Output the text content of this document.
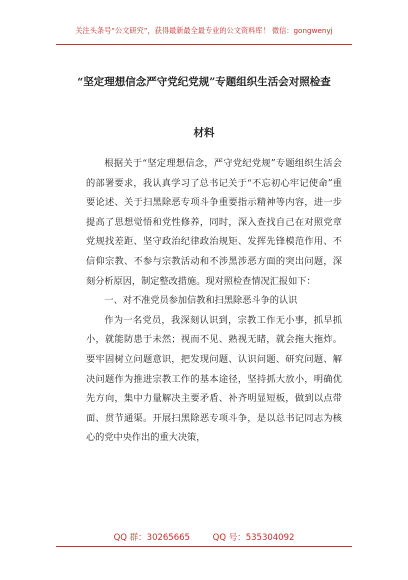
关注头条号“公文研究”，获得最新最全最专业的公文资料库！ 微信：gongwenyj
“坚定理想信念严守党纪党规”专题组织生活会对照检查
材料

根据关于“坚定理想信念，严守党纪党规”专题组织生活会的部署要求，我认真学习了总书记关于“不忘初心牢记使命”重要论述、关于扫黑除恶专项斗争重要指示精神等内容，进一步提高了思想觉悟和党性修养，同时，深入查找自己在对照党章党规找差距、坚守政治纪律政治规矩、发挥先锋模范作用、不信仰宗教、不参与宗教活动和不涉黑涉恶方面的突出问题，深刻分析原因，制定整改措施。现对照检查情况汇报如下：

一、对不准党员参加信教和扫黑除恶斗争的认识

作为一名党员，我深刻认识到，宗教工作无小事，抓早抓小，就能防患于未然；视而不见、熟视无睹，就会拖大拖炸。要牢固树立问题意识，把发现问题、认识问题、研究问题、解决问题作为推进宗教工作的基本途径，坚持抓大放小，明确优先方向，集中力量解决主要矛盾、补齐明显短板，做到以点带面、贯节通渠。开展扫黑除恶专项斗争，是以总书记同志为核心的党中央作出的重大决策，

QQ 群：30265665	QQ 号：535304092
